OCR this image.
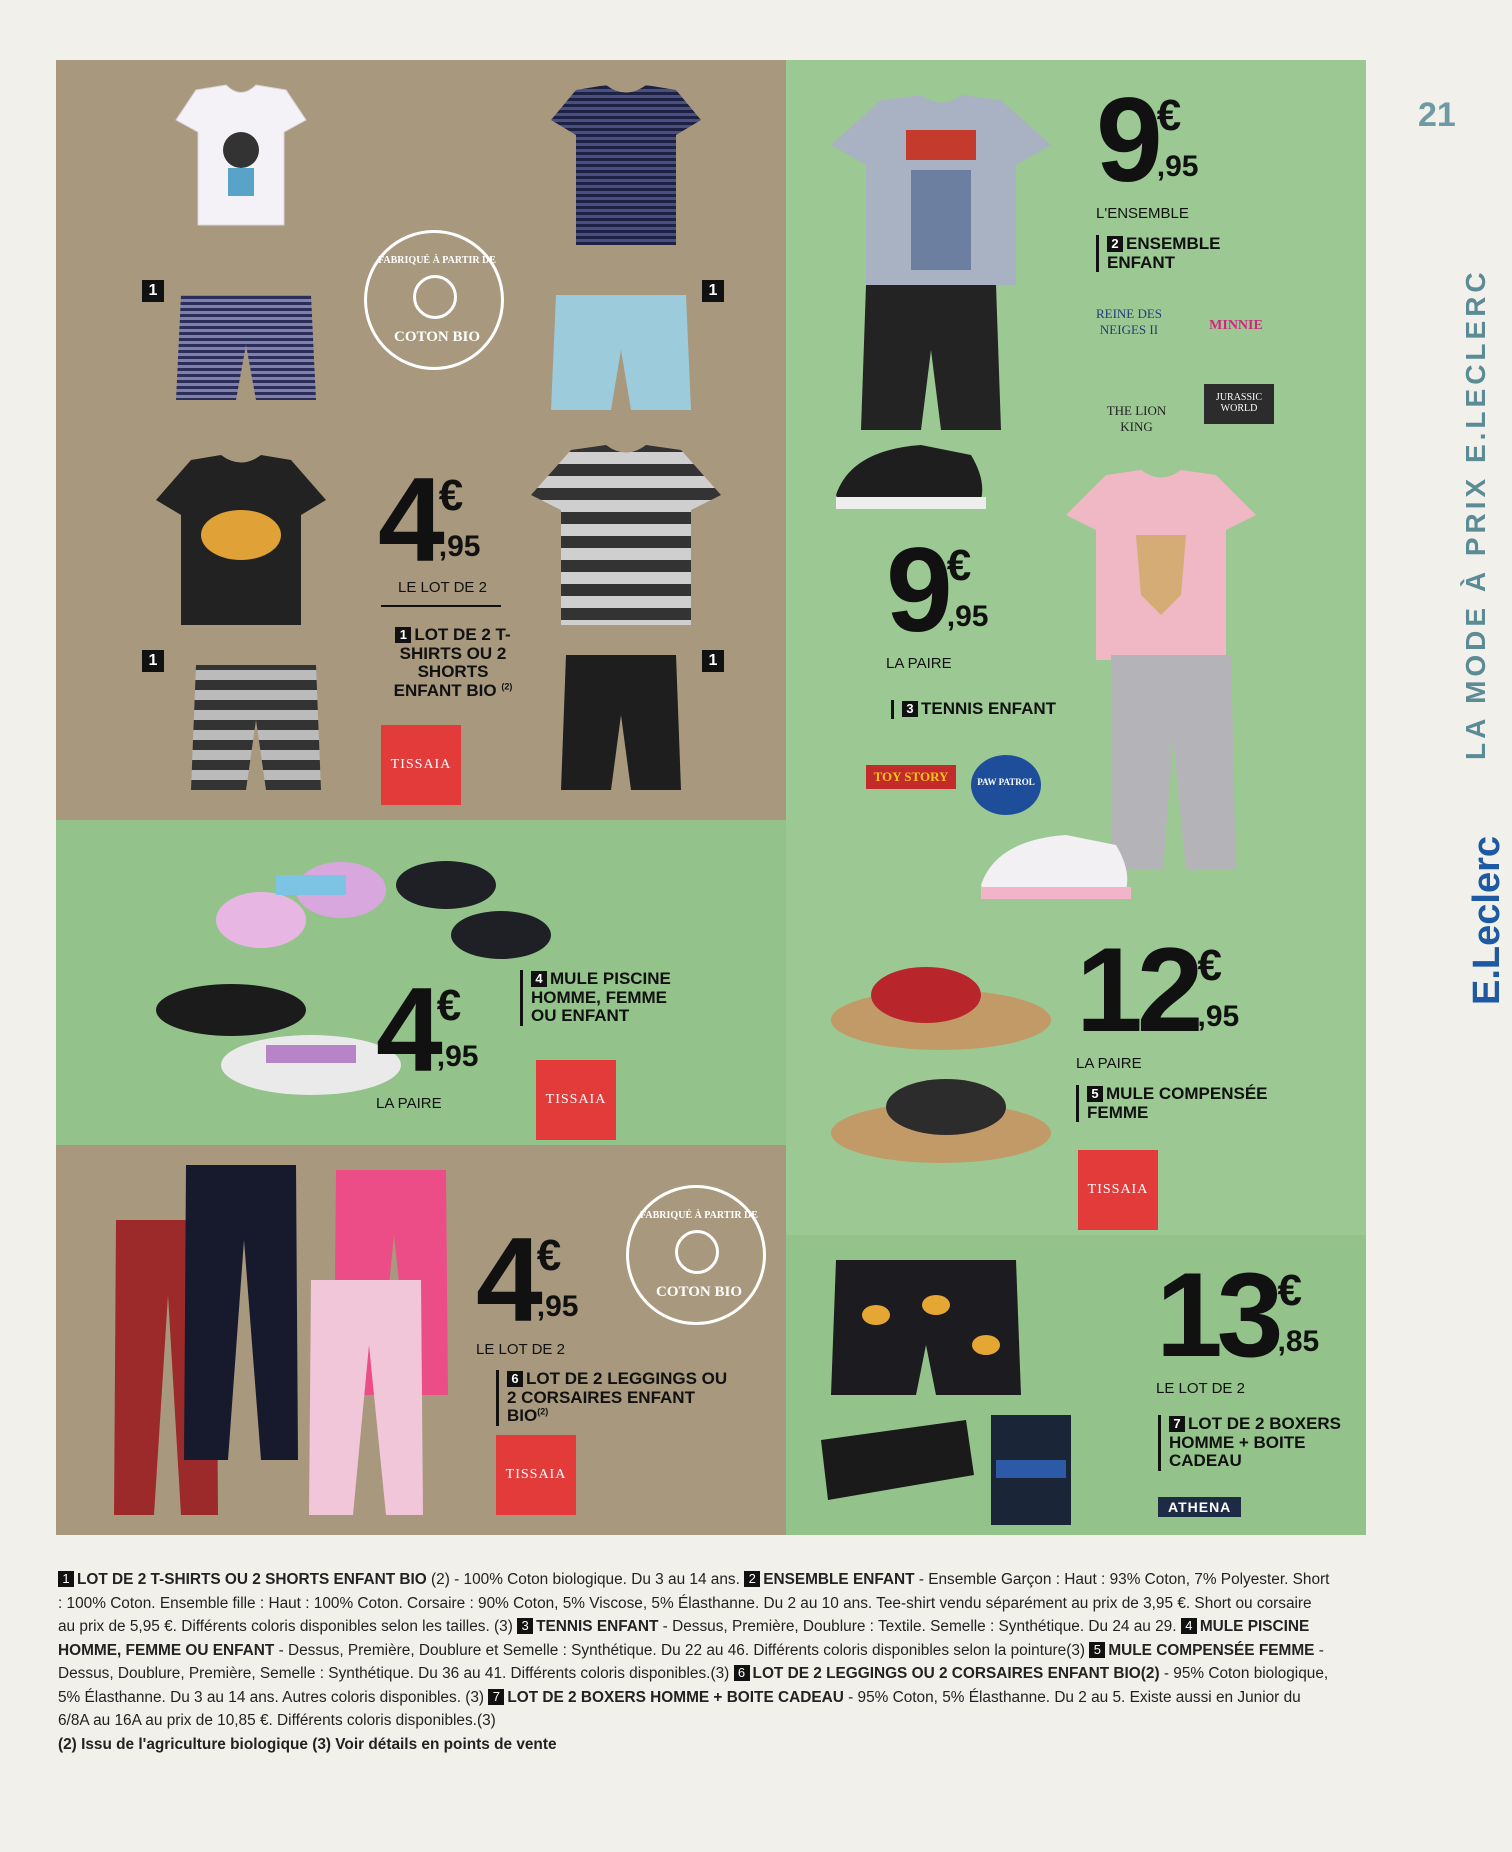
1
1
1
1
FABRIQUÉ À PARTIR DE
COTON BIO
4 €
,95
LE LOT DE 2
1 LOT DE 2 T-SHIRTS OU 2 SHORTS ENFANT BIO $^{(2)}$
TISSAIA
9 €
,95
L'ENSEMBLE
2 ENSEMBLE ENFANT
REINE DES NEIGES II	MINNIE
THE LION KING
JURASSIC WORLD
9 €
,95
LA PAIRE
3 TENNIS ENFANT
TOY STORY	PAW PATROL
4 €
,95
LA PAIRE
4 MULE PISCINE HOMME, FEMME OU ENFANT
TISSAIA
12 €
,95
LA PAIRE
5 MULE COMPENSÉE FEMME
TISSAIA
FABRIQUÉ À PARTIR DE
COTON BIO
4 €
,95
LE LOT DE 2
6 LOT DE 2 LEGGINGS OU 2 CORSAIRES ENFANT BIO$^{(2)}$
TISSAIA
13 €
,85
LE LOT DE 2
7 LOT DE 2 BOXERS HOMME + BOITE CADEAU
ATHENA
21
LA MODE À PRIX E.LECLERC
E.Leclerc
1 LOT DE 2 T-SHIRTS OU 2 SHORTS ENFANT BIO (2) - 100% Coton biologique. Du 3 au 14 ans. 2 ENSEMBLE ENFANT - Ensemble Garçon : Haut : 93% Coton, 7% Polyester. Short : 100% Coton. Ensemble fille : Haut : 100% Coton. Corsaire : 90% Coton, 5% Viscose, 5% Élasthanne. Du 2 au 10 ans. Tee-shirt vendu séparément au prix de 3,95 €. Short ou corsaire au prix de 5,95 €. Différents coloris disponibles selon les tailles. (3) 3 TENNIS ENFANT - Dessus, Première, Doublure : Textile. Semelle : Synthétique. Du 24 au 29. 4 MULE PISCINE HOMME, FEMME OU ENFANT - Dessus, Première, Doublure et Semelle : Synthétique. Du 22 au 46. Différents coloris disponibles selon la pointure(3) 5 MULE COMPENSÉE FEMME - Dessus, Doublure, Première, Semelle : Synthétique. Du 36 au 41. Différents coloris disponibles.(3) 6 LOT DE 2 LEGGINGS OU 2 CORSAIRES ENFANT BIO(2) - 95% Coton biologique, 5% Élasthanne. Du 3 au 14 ans. Autres coloris disponibles. (3) 7 LOT DE 2 BOXERS HOMME + BOITE CADEAU - 95% Coton, 5% Élasthanne. Du 2 au 5. Existe aussi en Junior du 6/8A au 16A au prix de 10,85 €. Différents coloris disponibles.(3)
(2) Issu de l'agriculture biologique (3) Voir détails en points de vente
